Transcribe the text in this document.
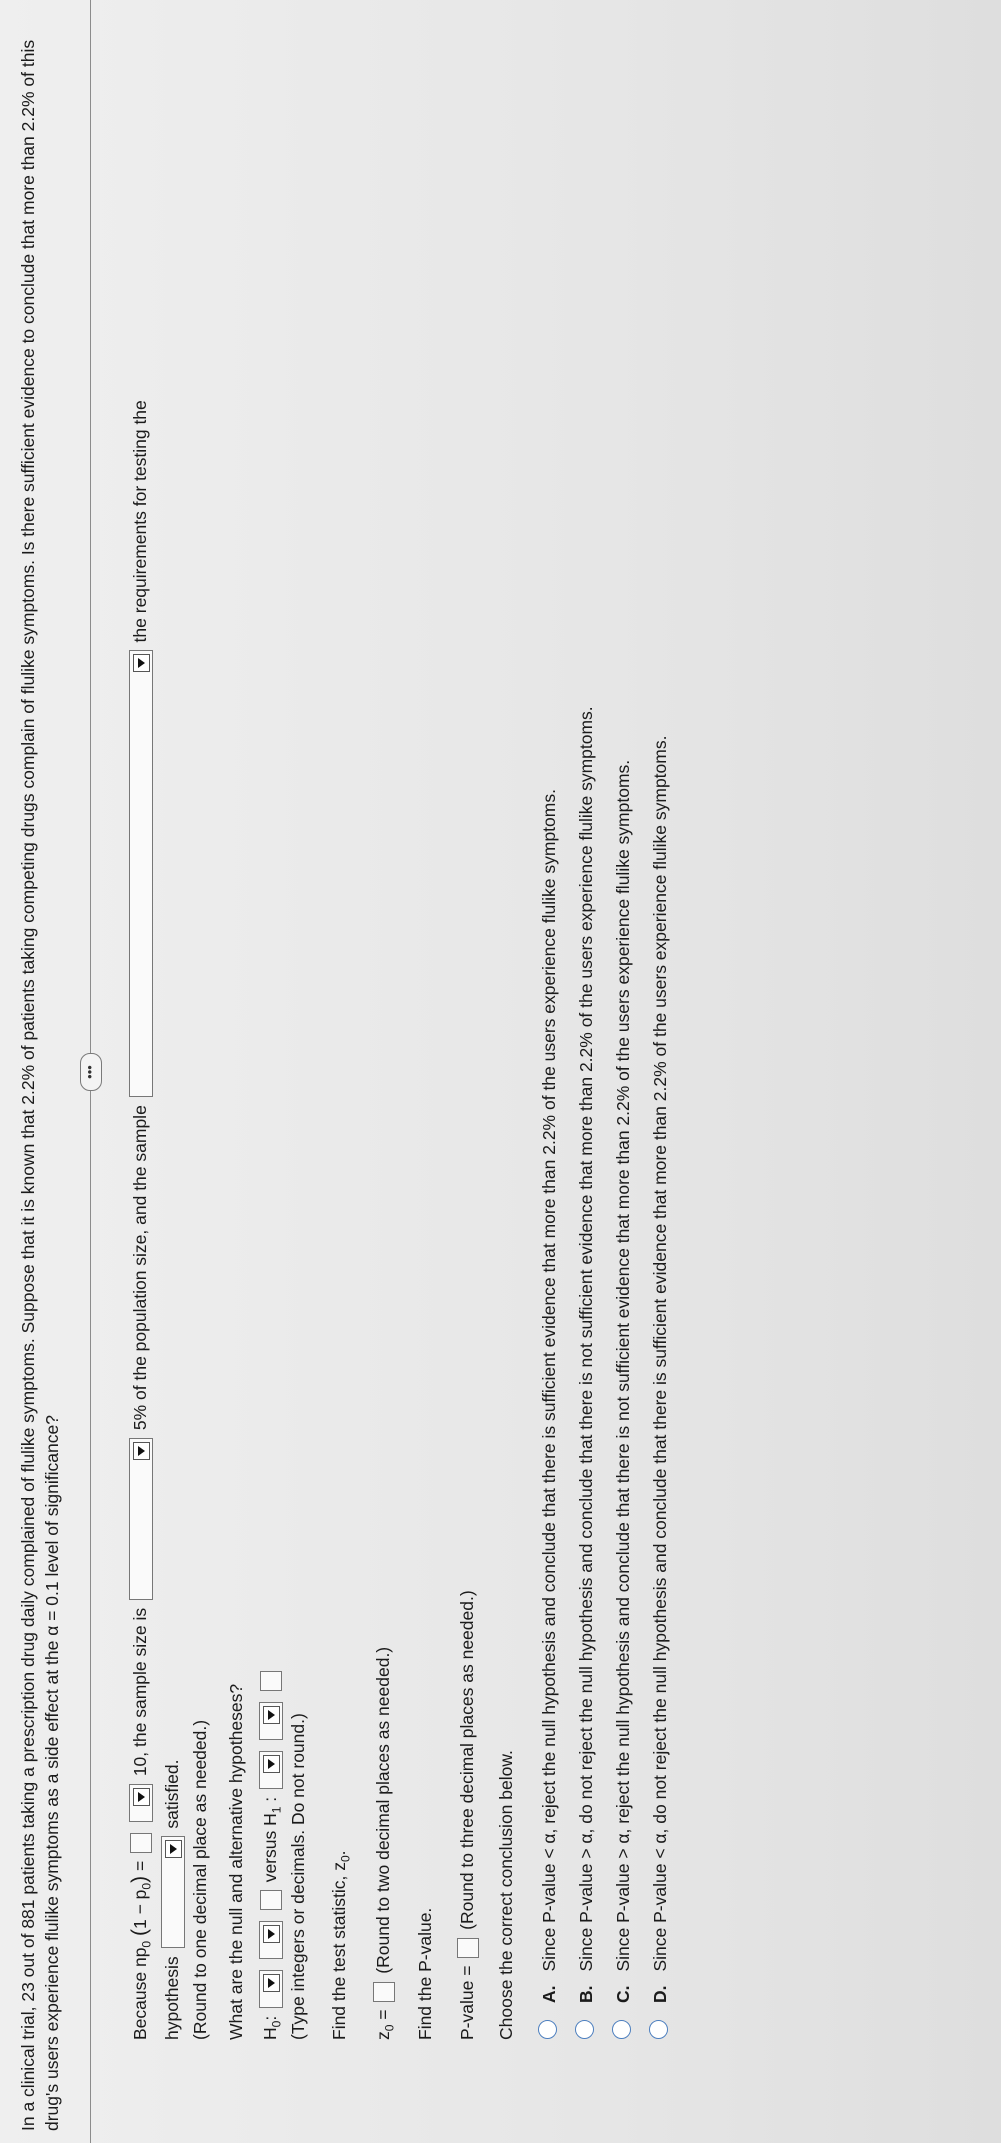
In a clinical trial, 23 out of 881 patients taking a prescription drug daily complained of flulike symptoms. Suppose that it is known that 2.2% of patients taking competing drugs complain of flulike symptoms. Is there sufficient evidence to conclude that more than 2.2% of this drug's users experience flulike symptoms as a side effect at the α = 0.1 level of significance?

•••
Because $np_0$ $(1 - p_0)$ =
10, the sample size is
5% of the population size, and the sample
the requirements for testing the
hypothesis
satisfied. (Round to one decimal place as needed.) What are the null and alternative hypotheses? $H_0$:

versus $H_1$ :

(Type integers or decimals. Do not round.) Find the test statistic, $z_0$.
$z_0$ =  (Round to two decimal places as needed.)
Find the P-value. P-value =  (Round to three decimal places as needed.) Choose the correct conclusion below. A.Since P-value < α, reject the null hypothesis and conclude that there is sufficient evidence that more than 2.2% of the users experience flulike symptoms.
B.Since P-value > α, do not reject the null hypothesis and conclude that there is not sufficient evidence that more than 2.2% of the users experience flulike symptoms.
C.Since P-value > α, reject the null hypothesis and conclude that there is not sufficient evidence that more than 2.2% of the users experience flulike symptoms.
D.Since P-value < α, do not reject the null hypothesis and conclude that there is sufficient evidence that more than 2.2% of the users experience flulike symptoms.
